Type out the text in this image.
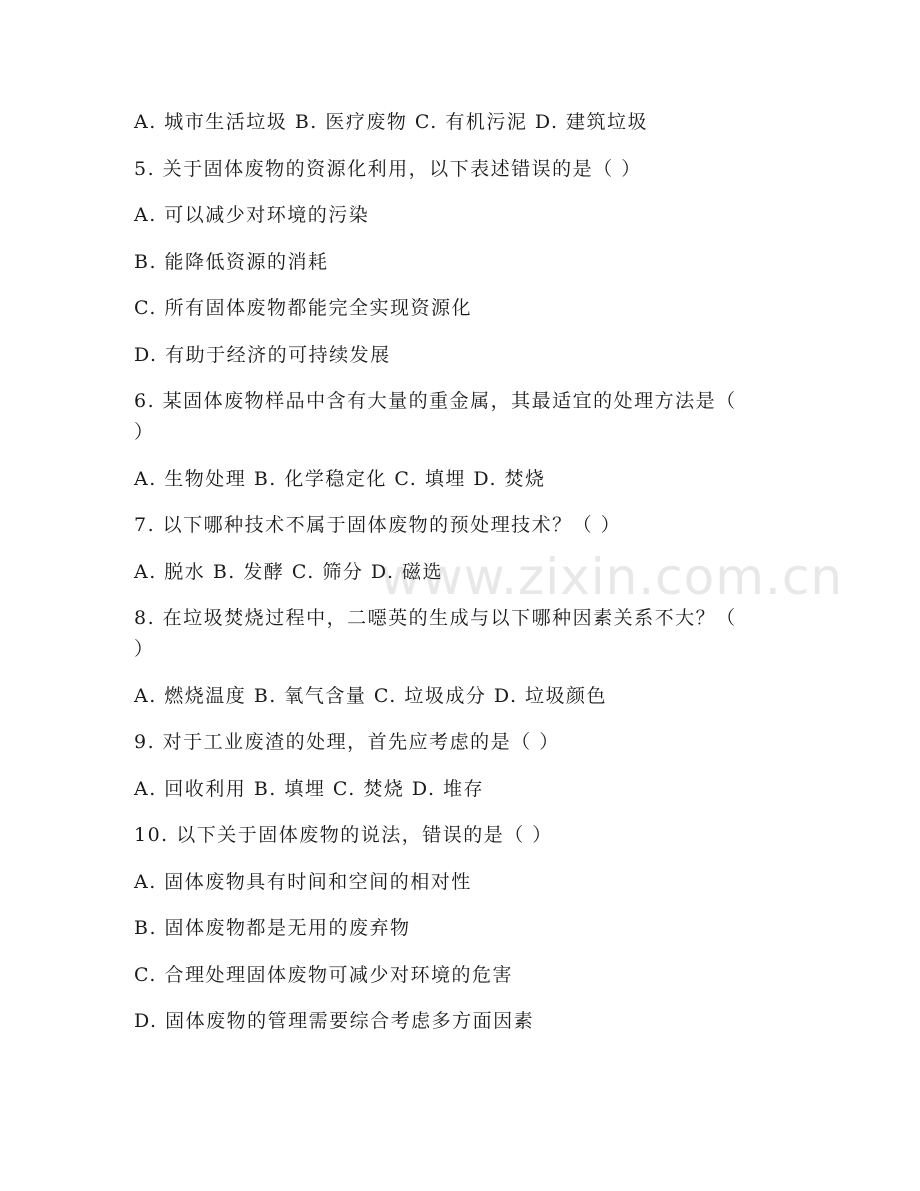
www.zixin.com.cn
A. 城市生活垃圾 B. 医疗废物 C. 有机污泥 D. 建筑垃圾
5. 关于固体废物的资源化利用，以下表述错误的是（ ）
A. 可以减少对环境的污染
B. 能降低资源的消耗
C. 所有固体废物都能完全实现资源化
D. 有助于经济的可持续发展
6. 某固体废物样品中含有大量的重金属，其最适宜的处理方法是（
）
A. 生物处理 B. 化学稳定化 C. 填埋 D. 焚烧
7. 以下哪种技术不属于固体废物的预处理技术？（ ）
A. 脱水 B. 发酵 C. 筛分 D. 磁选
8. 在垃圾焚烧过程中，二噁英的生成与以下哪种因素关系不大？（
）
A. 燃烧温度 B. 氧气含量 C. 垃圾成分 D. 垃圾颜色
9. 对于工业废渣的处理，首先应考虑的是（ ）
A. 回收利用 B. 填埋 C. 焚烧 D. 堆存
10. 以下关于固体废物的说法，错误的是（ ）
A. 固体废物具有时间和空间的相对性
B. 固体废物都是无用的废弃物
C. 合理处理固体废物可减少对环境的危害
D. 固体废物的管理需要综合考虑多方面因素
